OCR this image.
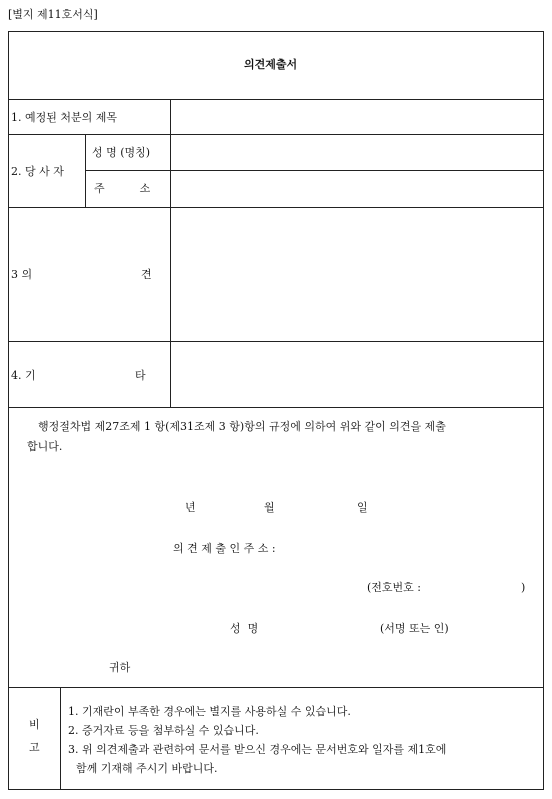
[별지 제11호서식]
의견제출서
1. 예정된 처분의 제목
2. 당 사 자
성 명 (명칭)
주          소
3 의	견
4. 기	타
행정절차법 제27조제 1 항(제31조제 3 항)항의 규정에 의하여 위와 같이 의견을 제출
합니다.
년	월	일
의 견 제 출 인 주 소 :
(전호번호 :	)
성  명	(서명 또는 인)
귀하
비
고
1. 기재란이 부족한 경우에는 별지를 사용하실 수 있습니다.
2. 증거자료 등을 첨부하실 수 있습니다.
3. 위 의견제출과 관련하여 문서를 받으신 경우에는 문서번호와 일자를 제1호에
함께 기재해 주시기 바랍니다.
